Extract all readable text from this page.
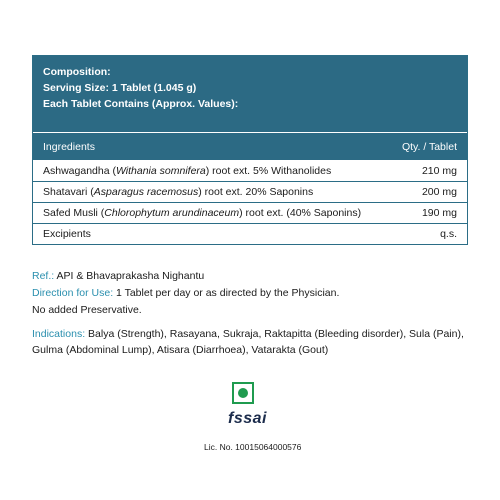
Composition:
Serving Size: 1 Tablet (1.045 g)
Each Tablet Contains (Approx. Values):
Ingredients	Qty. / Tablet
Ashwagandha (Withania somnifera) root ext. 5% Withanolides	210 mg
Shatavari (Asparagus racemosus) root ext. 20% Saponins	200 mg
Safed Musli (Chlorophytum arundinaceum) root ext. (40% Saponins)	190 mg
Excipients	q.s.
Ref.: API & Bhavaprakasha Nighantu
Direction for Use: 1 Tablet per day or as directed by the Physician.
No added Preservative.
Indications: Balya (Strength), Rasayana, Sukraja, Raktapitta (Bleeding disorder), Sula (Pain), Gulma (Abdominal Lump), Atisara (Diarrhoea), Vatarakta (Gout)
fssai
Lic. No. 10015064000576
